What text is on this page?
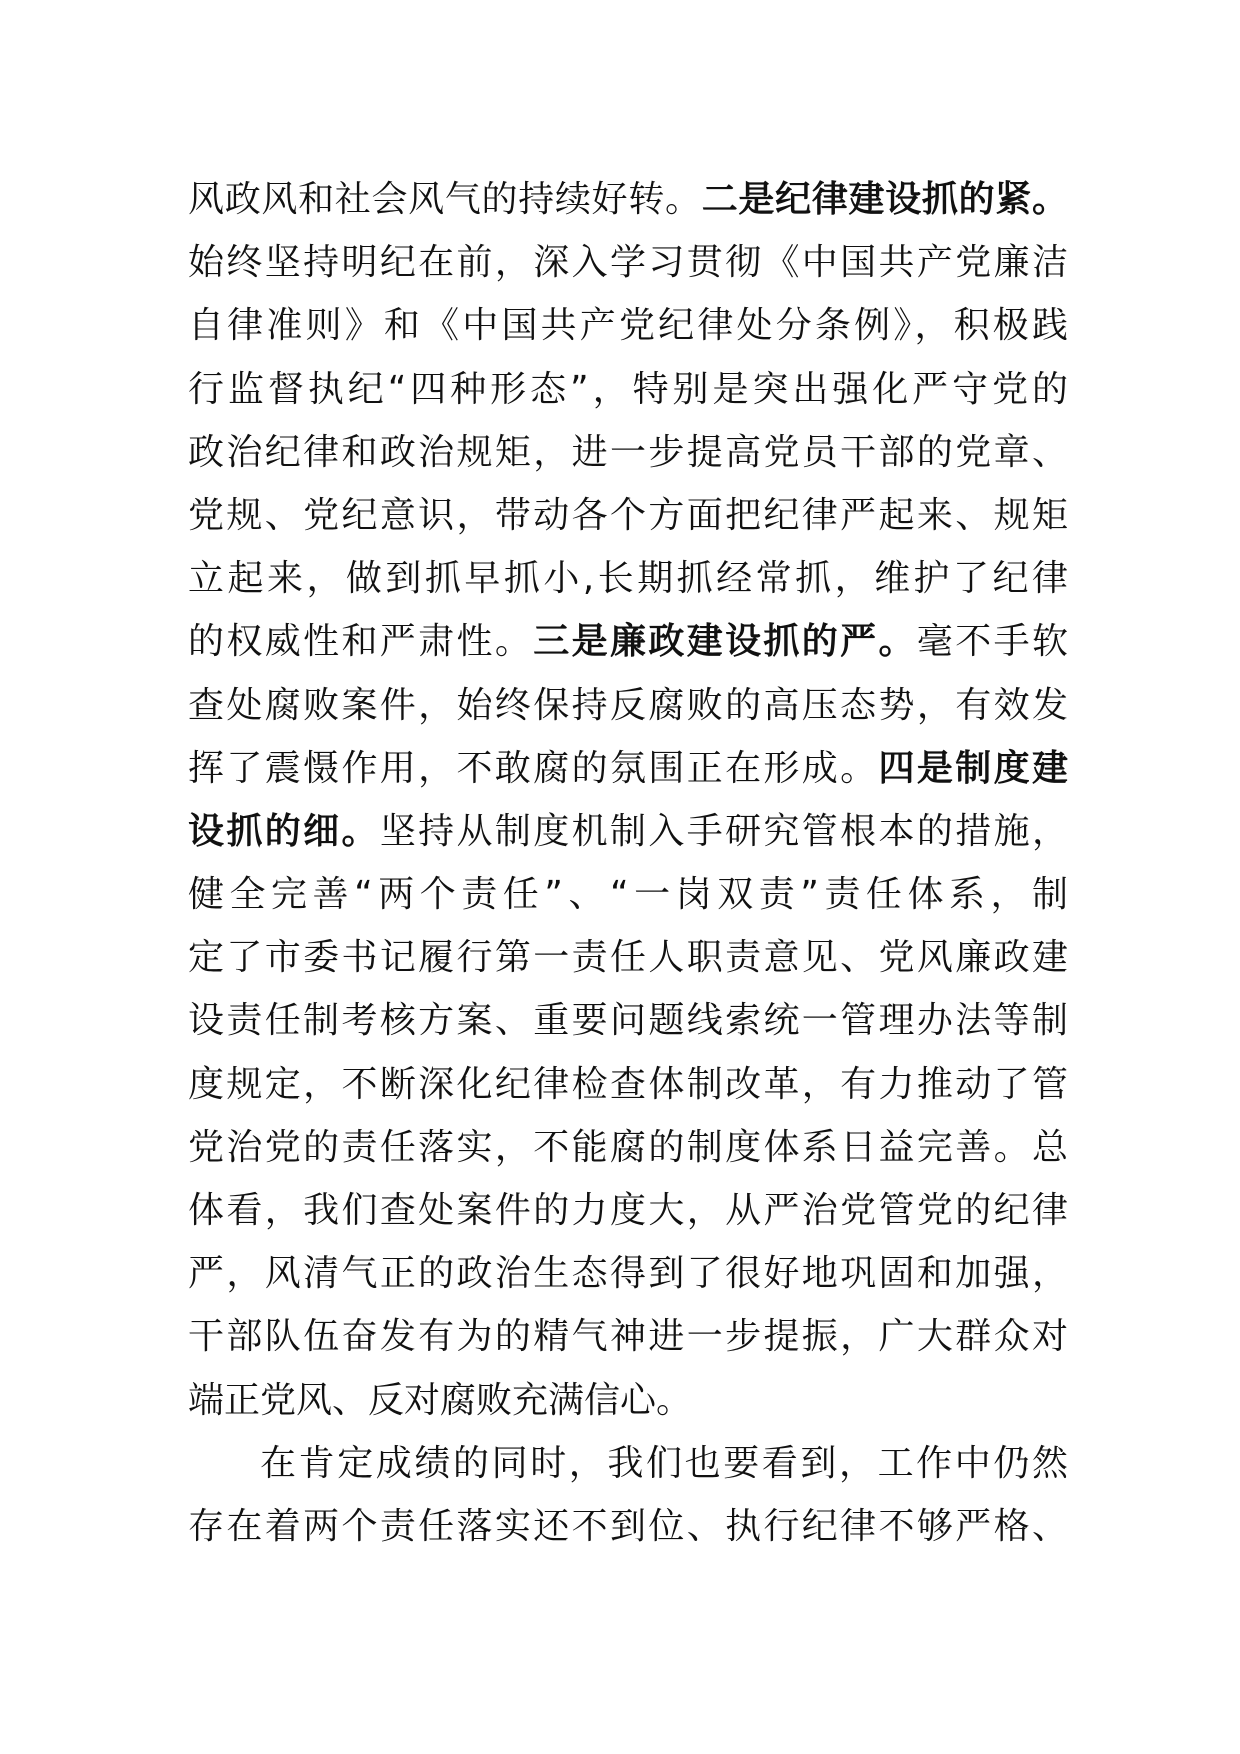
风政风和社会风气的持续好转。二是纪律建设抓的紧。
始终坚持明纪在前，深入学习贯彻《中国共产党廉洁
自律准则》和《中国共产党纪律处分条例》，积极践
行监督执纪“四种形态”，特别是突出强化严守党的
政治纪律和政治规矩，进一步提高党员干部的党章、
党规、党纪意识，带动各个方面把纪律严起来、规矩
立起来，做到抓早抓小,长期抓经常抓，维护了纪律
的权威性和严肃性。三是廉政建设抓的严。毫不手软
查处腐败案件，始终保持反腐败的高压态势，有效发
挥了震慑作用，不敢腐的氛围正在形成。四是制度建
设抓的细。坚持从制度机制入手研究管根本的措施，
健全完善“两个责任”、“一岗双责”责任体系，制
定了市委书记履行第一责任人职责意见、党风廉政建
设责任制考核方案、重要问题线索统一管理办法等制
度规定，不断深化纪律检查体制改革，有力推动了管
党治党的责任落实，不能腐的制度体系日益完善。总
体看，我们查处案件的力度大，从严治党管党的纪律
严，风清气正的政治生态得到了很好地巩固和加强，
干部队伍奋发有为的精气神进一步提振，广大群众对
端正党风、反对腐败充满信心。
在肯定成绩的同时，我们也要看到，工作中仍然
存在着两个责任落实还不到位、执行纪律不够严格、
